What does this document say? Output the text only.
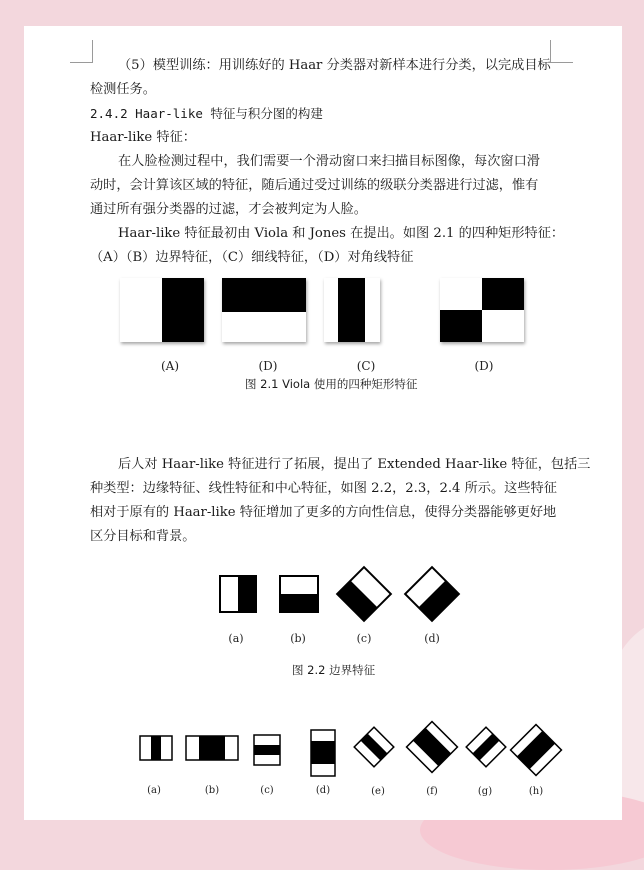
（5）模型训练：用训练好的 Haar 分类器对新样本进行分类，以完成目标
检测任务。
2.4.2 Haar-like 特征与积分图的构建
Haar-like 特征：
在人脸检测过程中，我们需要一个滑动窗口来扫描目标图像，每次窗口滑
动时，会计算该区域的特征，随后通过受过训练的级联分类器进行过滤，惟有
通过所有强分类器的过滤，才会被判定为人脸。
Haar-like 特征最初由 Viola 和 Jones 在提出。如图 2.1 的四种矩形特征：
（A）（B）边界特征，（C）细线特征，（D）对角线特征
(A)	(D)	(C)	(D)
图 2.1 Viola 使用的四种矩形特征
后人对 Haar-like 特征进行了拓展，提出了 Extended Haar-like 特征，包括三
种类型：边缘特征、线性特征和中心特征，如图 2.2，2.3，2.4 所示。这些特征
相对于原有的 Haar-like 特征增加了更多的方向性信息，使得分类器能够更好地
区分目标和背景。
(a)	(b)	(c)	(d)
图 2.2 边界特征
(a)	(b)	(c)	(d)	(e)	(f)	(g)	(h)
